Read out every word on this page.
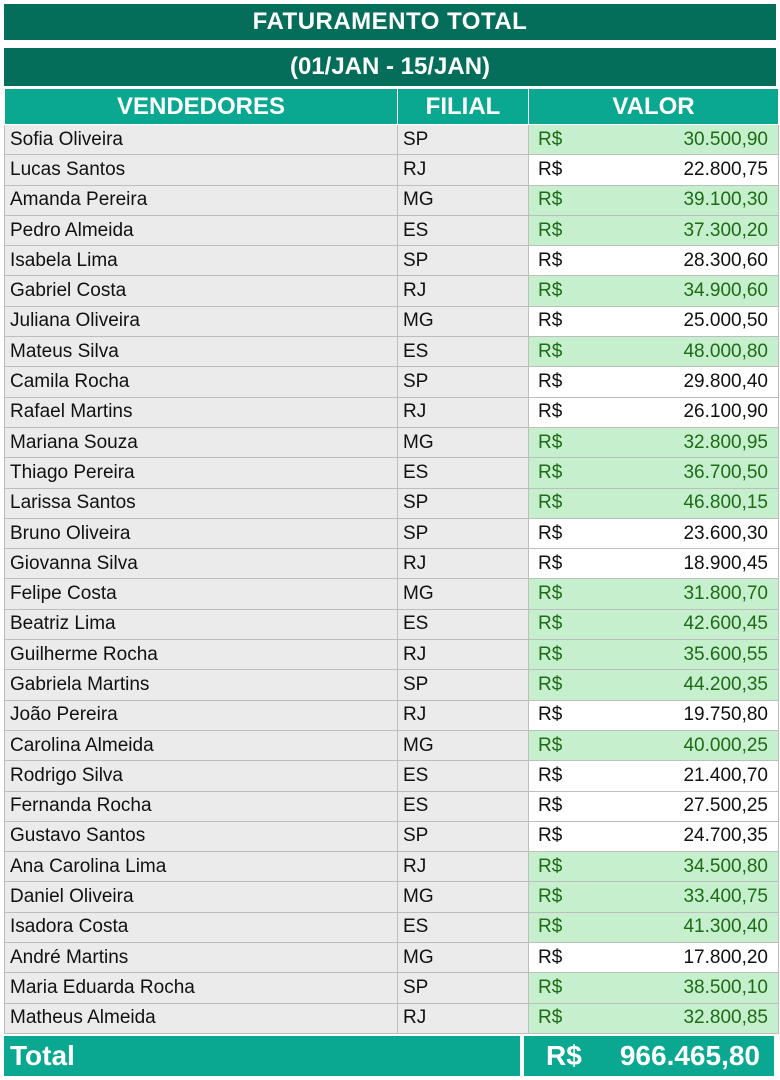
FATURAMENTO TOTAL
(01/JAN - 15/JAN)
VENDEDORES	FILIAL	VALOR
Sofia Oliveira	SP	R$ 30.500,90

Lucas Santos	RJ	R$ 22.800,75

Amanda Pereira	MG	R$ 39.100,30

Pedro Almeida	ES	R$ 37.300,20

Isabela Lima	SP	R$ 28.300,60

Gabriel Costa	RJ	R$ 34.900,60

Juliana Oliveira	MG	R$ 25.000,50

Mateus Silva	ES	R$ 48.000,80

Camila Rocha	SP	R$ 29.800,40

Rafael Martins	RJ	R$ 26.100,90

Mariana Souza	MG	R$ 32.800,95

Thiago Pereira	ES	R$ 36.700,50

Larissa Santos	SP	R$ 46.800,15

Bruno Oliveira	SP	R$ 23.600,30

Giovanna Silva	RJ	R$ 18.900,45

Felipe Costa	MG	R$ 31.800,70

Beatriz Lima	ES	R$ 42.600,45

Guilherme Rocha	RJ	R$ 35.600,55

Gabriela Martins	SP	R$ 44.200,35

João Pereira	RJ	R$ 19.750,80

Carolina Almeida	MG	R$ 40.000,25

Rodrigo Silva	ES	R$ 21.400,70

Fernanda Rocha	ES	R$ 27.500,25

Gustavo Santos	SP	R$ 24.700,35

Ana Carolina Lima	RJ	R$ 34.500,80

Daniel Oliveira	MG	R$ 33.400,75

Isadora Costa	ES	R$ 41.300,40

André Martins	MG	R$ 17.800,20

Maria Eduarda Rocha	SP	R$ 38.500,10

Matheus Almeida	RJ	R$ 32.800,85
Total	R$ 966.465,80
